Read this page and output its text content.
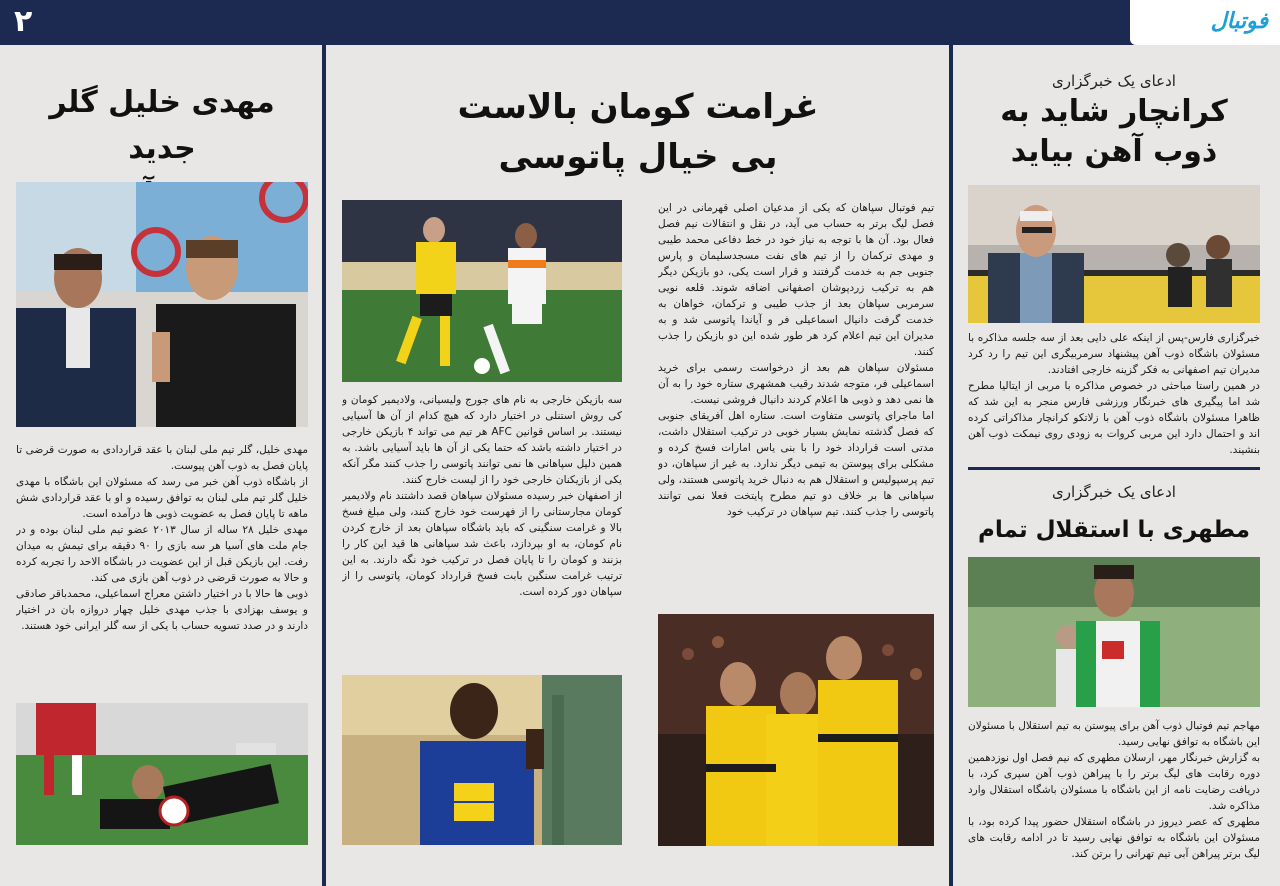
۲	فوتبال
ادعای یک خبرگزاری
کرانچار شاید به
ذوب آهن بیاید

خبرگزاری فارس-پس از اینکه علی دایی بعد از سه جلسه مذاکره با مسئولان باشگاه ذوب آهن پیشنهاد سرمربیگری این تیم را رد کرد مدیران تیم اصفهانی به فکر گزینه خارجی افتادند.

در همین راستا مباحثی در خصوص مذاکره با مربی از ایتالیا مطرح شد اما پیگیری های خبرنگار ورزشی فارس منجر به این شد که ظاهرا مسئولان باشگاه ذوب آهن با زلاتکو کرانچار مذاکراتی کرده اند و احتمال دارد این مربی کروات به زودی روی نیمکت ذوب آهن بنشیند.

ادعای یک خبرگزاری
مطهری با استقلال تمام

مهاجم تیم فوتبال ذوب آهن برای پیوستن به تیم استقلال با مسئولان این باشگاه به توافق نهایی رسید.

به گزارش خبرنگار مهر، ارسلان مطهری که نیم فصل اول نوزدهمین دوره رقابت های لیگ برتر را با پیراهن ذوب آهن سپری کرد، با دریافت رضایت نامه از این باشگاه با مسئولان باشگاه استقلال وارد مذاکره شد.

مطهری که عصر دیروز در باشگاه استقلال حضور پیدا کرده بود، با مسئولان این باشگاه به توافق نهایی رسید تا در ادامه رقابت های لیگ برتر پیراهن آبی تیم تهرانی را برتن کند.

غرامت کومان بالاست
بی خیال پاتوسی

تیم فوتبال سپاهان که یکی از مدعیان اصلی قهرمانی در این فصل لیگ برتر به حساب می آید، در نقل و انتقالات نیم فصل فعال بود. آن ها با توجه به نیاز خود در خط دفاعی محمد طیبی و مهدی ترکمان را از تیم های نفت مسجدسلیمان و پارس جنوبی جم به خدمت گرفتند و قرار است یکی، دو بازیکن دیگر هم به ترکیب زردپوشان اصفهانی اضافه شوند. قلعه نویی سرمربی سپاهان بعد از جذب طیبی و ترکمان، خواهان به خدمت گرفت دانیال اسماعیلی فر و آیاندا پاتوسی شد و به مدیران این تیم اعلام کرد هر طور شده این دو بازیکن را جذب کنند.

مسئولان سپاهان هم بعد از درخواست رسمی برای خرید اسماعیلی فر، متوجه شدند رقیب همشهری ستاره خود را به آن ها نمی دهد و ذوبی ها اعلام کردند دانیال فروشی نیست.

اما ماجرای پاتوسی متفاوت است. ستاره اهل آفریقای جنوبی که فصل گذشته نمایش بسیار خوبی در ترکیب استقلال داشت، مدتی است قرارداد خود را با بنی یاس امارات فسخ کرده و مشکلی برای پیوستن به تیمی دیگر ندارد. به غیر از سپاهان، دو تیم پرسپولیس و استقلال هم به دنبال خرید پاتوسی هستند، ولی سپاهانی ها بر خلاف دو تیم مطرح پایتخت فعلا نمی توانند پاتوسی را جذب کنند. تیم سپاهان در ترکیب خود

سه بازیکن خارجی به نام های جورج ولیسیانی، ولادیمیر کومان و کی روش استنلی در اختیار دارد که هیچ کدام از آن ها آسیایی نیستند. بر اساس قوانین AFC هر تیم می تواند ۴ بازیکن خارجی در اختیار داشته باشد که حتما یکی از آن ها باید آسیایی باشد. به همین دلیل سپاهانی ها نمی توانند پاتوسی را جذب کنند مگر آنکه یکی از بازیکنان خارجی خود را از لیست خارج کنند.

از اصفهان خبر رسیده مسئولان سپاهان قصد داشتند نام ولادیمیر کومان مجارستانی را از فهرست خود خارج کنند، ولی مبلغ فسخ بالا و غرامت سنگینی که باید باشگاه سپاهان بعد از خارج کردن نام کومان، به او بپردازد، باعث شد سپاهانی ها قید این کار را بزنند و کومان را تا پایان فصل در ترکیب خود نگه دارند. به این ترتیب غرامت سنگین بابت فسخ قرارداد کومان، پاتوسی را از سپاهان دور کرده است.

مهدی خلیل گلر جدید

مهدی خلیل، گلر تیم ملی لبنان با عقد قراردادی به صورت قرضی تا پایان فصل به ذوب آهن پیوست.

از باشگاه ذوب آهن خبر می رسد که مسئولان این باشگاه با مهدی خلیل گلر تیم ملی لبنان به توافق رسیده و او با عقد قراردادی شش ماهه تا پایان فصل به عضویت ذوبی ها درآمده است.

مهدی خلیل ۲۸ ساله از سال ۲۰۱۳ عضو تیم ملی لبنان بوده و در جام ملت های آسیا هر سه بازی را ۹۰ دقیقه برای تیمش به میدان رفت. این بازیکن قبل از این عضویت در باشگاه الاحد را تجربه کرده و حالا به صورت قرضی در ذوب آهن بازی می کند.

ذوبی ها حالا با در اختیار داشتن معراج اسماعیلی، محمدباقر صادقی و یوسف بهزادی با جذب مهدی خلیل چهار دروازه بان در اختیار دارند و در صدد تسویه حساب با یکی از سه گلر ایرانی خود هستند.
